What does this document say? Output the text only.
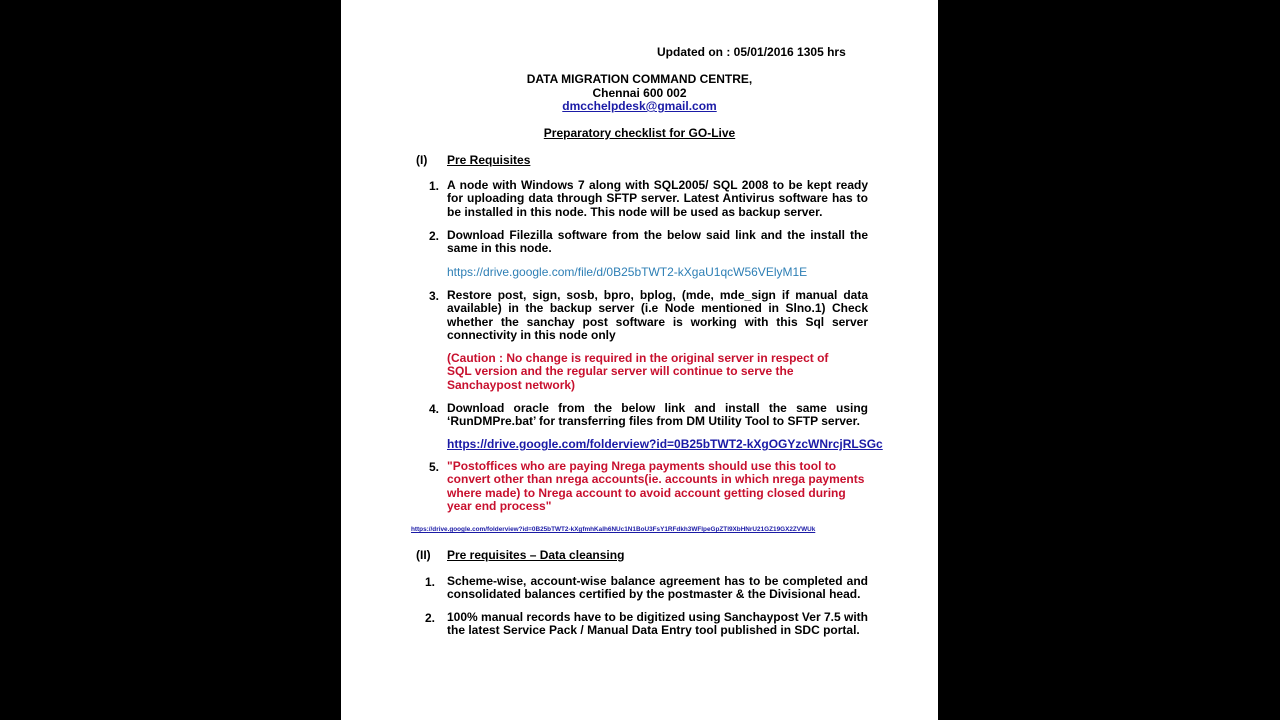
Updated on : 05/01/2016 1305 hrs
DATA MIGRATION COMMAND CENTRE,
Chennai 600 002
dmcchelpdesk@gmail.com
Preparatory checklist for GO-Live
(I) Pre Requisites
1. A node with Windows 7 along with SQL2005/ SQL 2008 to be kept ready for uploading data through SFTP server. Latest Antivirus software has to be installed in this node. This node will be used as backup server.
2. Download Filezilla software from the below said link and the install the same in this node.
https://drive.google.com/file/d/0B25bTWT2-kXgaU1qcW56VElyM1E
3. Restore post, sign, sosb, bpro, bplog, (mde, mde_sign if manual data available) in the backup server (i.e Node mentioned in Slno.1) Check whether the sanchay post software is working with this Sql server connectivity in this node only
(Caution : No change is required in the original server in respect of SQL version and the regular server will continue to serve the Sanchaypost network)
4. Download oracle from the below link and install the same using ‘RunDMPre.bat’ for transferring files from DM Utility Tool to SFTP server.
https://drive.google.com/folderview?id=0B25bTWT2-kXgOGYzcWNrcjRLSGc
5. "Postoffices who are paying Nrega payments should use this tool to convert other than nrega accounts(ie. accounts in which nrega payments where made) to Nrega account to avoid account getting closed during year end process"
https://drive.google.com/folderview?id=0B25bTWT2-kXgfmhKalh6NUc1N1BoU3FsY1RFdkh3WFlpeGpZTl9XbHNrU21GZ19GX2ZVWUk
(II) Pre requisites – Data cleansing
1. Scheme-wise, account-wise balance agreement has to be completed and consolidated balances certified by the postmaster & the Divisional head.
2. 100% manual records have to be digitized using Sanchaypost Ver 7.5 with the latest Service Pack / Manual Data Entry tool published in SDC portal.
